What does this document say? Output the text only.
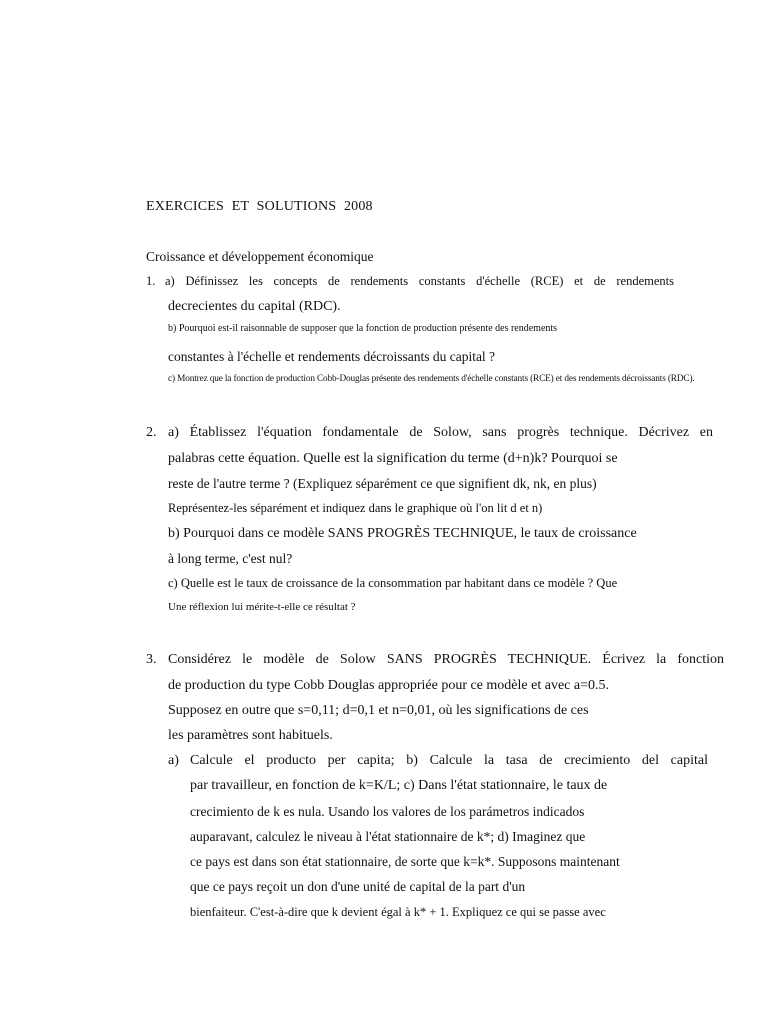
EXERCICES ET SOLUTIONS 2008
Croissance et développement économique
1. a) Définissez les concepts de rendements constants d'échelle (RCE) et de rendements
decrecientes du capital (RDC).
b) Pourquoi est-il raisonnable de supposer que la fonction de production présente des rendements
constantes à l'échelle et rendements décroissants du capital ?
c) Montrez que la fonction de production Cobb-Douglas présente des rendements d'échelle constants (RCE) et des rendements décroissants (RDC).
2. a) Établissez l'équation fondamentale de Solow, sans progrès technique. Décrivez en
palabras cette équation. Quelle est la signification du terme (d+n)k? Pourquoi se
reste de l'autre terme ? (Expliquez séparément ce que signifient dk, nk, en plus)
Représentez-les séparément et indiquez dans le graphique où l'on lit d et n)
b) Pourquoi dans ce modèle SANS PROGRÈS TECHNIQUE, le taux de croissance
à long terme, c'est nul?
c) Quelle est le taux de croissance de la consommation par habitant dans ce modèle ? Que
Une réflexion lui mérite-t-elle ce résultat ?
3. Considérez le modèle de Solow SANS PROGRÈS TECHNIQUE. Écrivez la fonction
de production du type Cobb Douglas appropriée pour ce modèle et avec a=0.5.
Supposez en outre que s=0,11; d=0,1 et n=0,01, où les significations de ces
les paramètres sont habituels.
a) Calcule el producto per capita; b) Calcule la tasa de crecimiento del capital
par travailleur, en fonction de k=K/L; c) Dans l'état stationnaire, le taux de
crecimiento de k es nula. Usando los valores de los parámetros indicados
auparavant, calculez le niveau à l'état stationnaire de k*; d) Imaginez que
ce pays est dans son état stationnaire, de sorte que k=k*. Supposons maintenant
que ce pays reçoit un don d'une unité de capital de la part d'un
bienfaiteur. C'est-à-dire que k devient égal à k* + 1. Expliquez ce qui se passe avec
